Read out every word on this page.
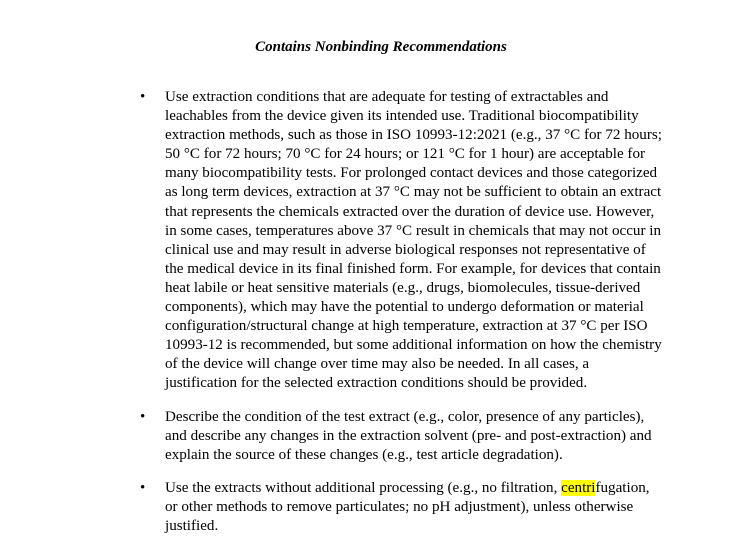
Contains Nonbinding Recommendations
• Use extraction conditions that are adequate for testing of extractables and
leachables from the device given its intended use. Traditional biocompatibility
extraction methods, such as those in ISO 10993-12:2021 (e.g., 37 °C for 72 hours;
50 °C for 72 hours; 70 °C for 24 hours; or 121 °C for 1 hour) are acceptable for
many biocompatibility tests. For prolonged contact devices and those categorized
as long term devices, extraction at 37 °C may not be sufficient to obtain an extract
that represents the chemicals extracted over the duration of device use. However,
in some cases, temperatures above 37 °C result in chemicals that may not occur in
clinical use and may result in adverse biological responses not representative of
the medical device in its final finished form. For example, for devices that contain
heat labile or heat sensitive materials (e.g., drugs, biomolecules, tissue-derived
components), which may have the potential to undergo deformation or material
configuration/structural change at high temperature, extraction at 37 °C per ISO
10993-12 is recommended, but some additional information on how the chemistry
of the device will change over time may also be needed. In all cases, a
justification for the selected extraction conditions should be provided.
• Describe the condition of the test extract (e.g., color, presence of any particles),
and describe any changes in the extraction solvent (pre- and post-extraction) and
explain the source of these changes (e.g., test article degradation).
• Use the extracts without additional processing (e.g., no filtration, centrifugation,
or other methods to remove particulates; no pH adjustment), unless otherwise
justified.
